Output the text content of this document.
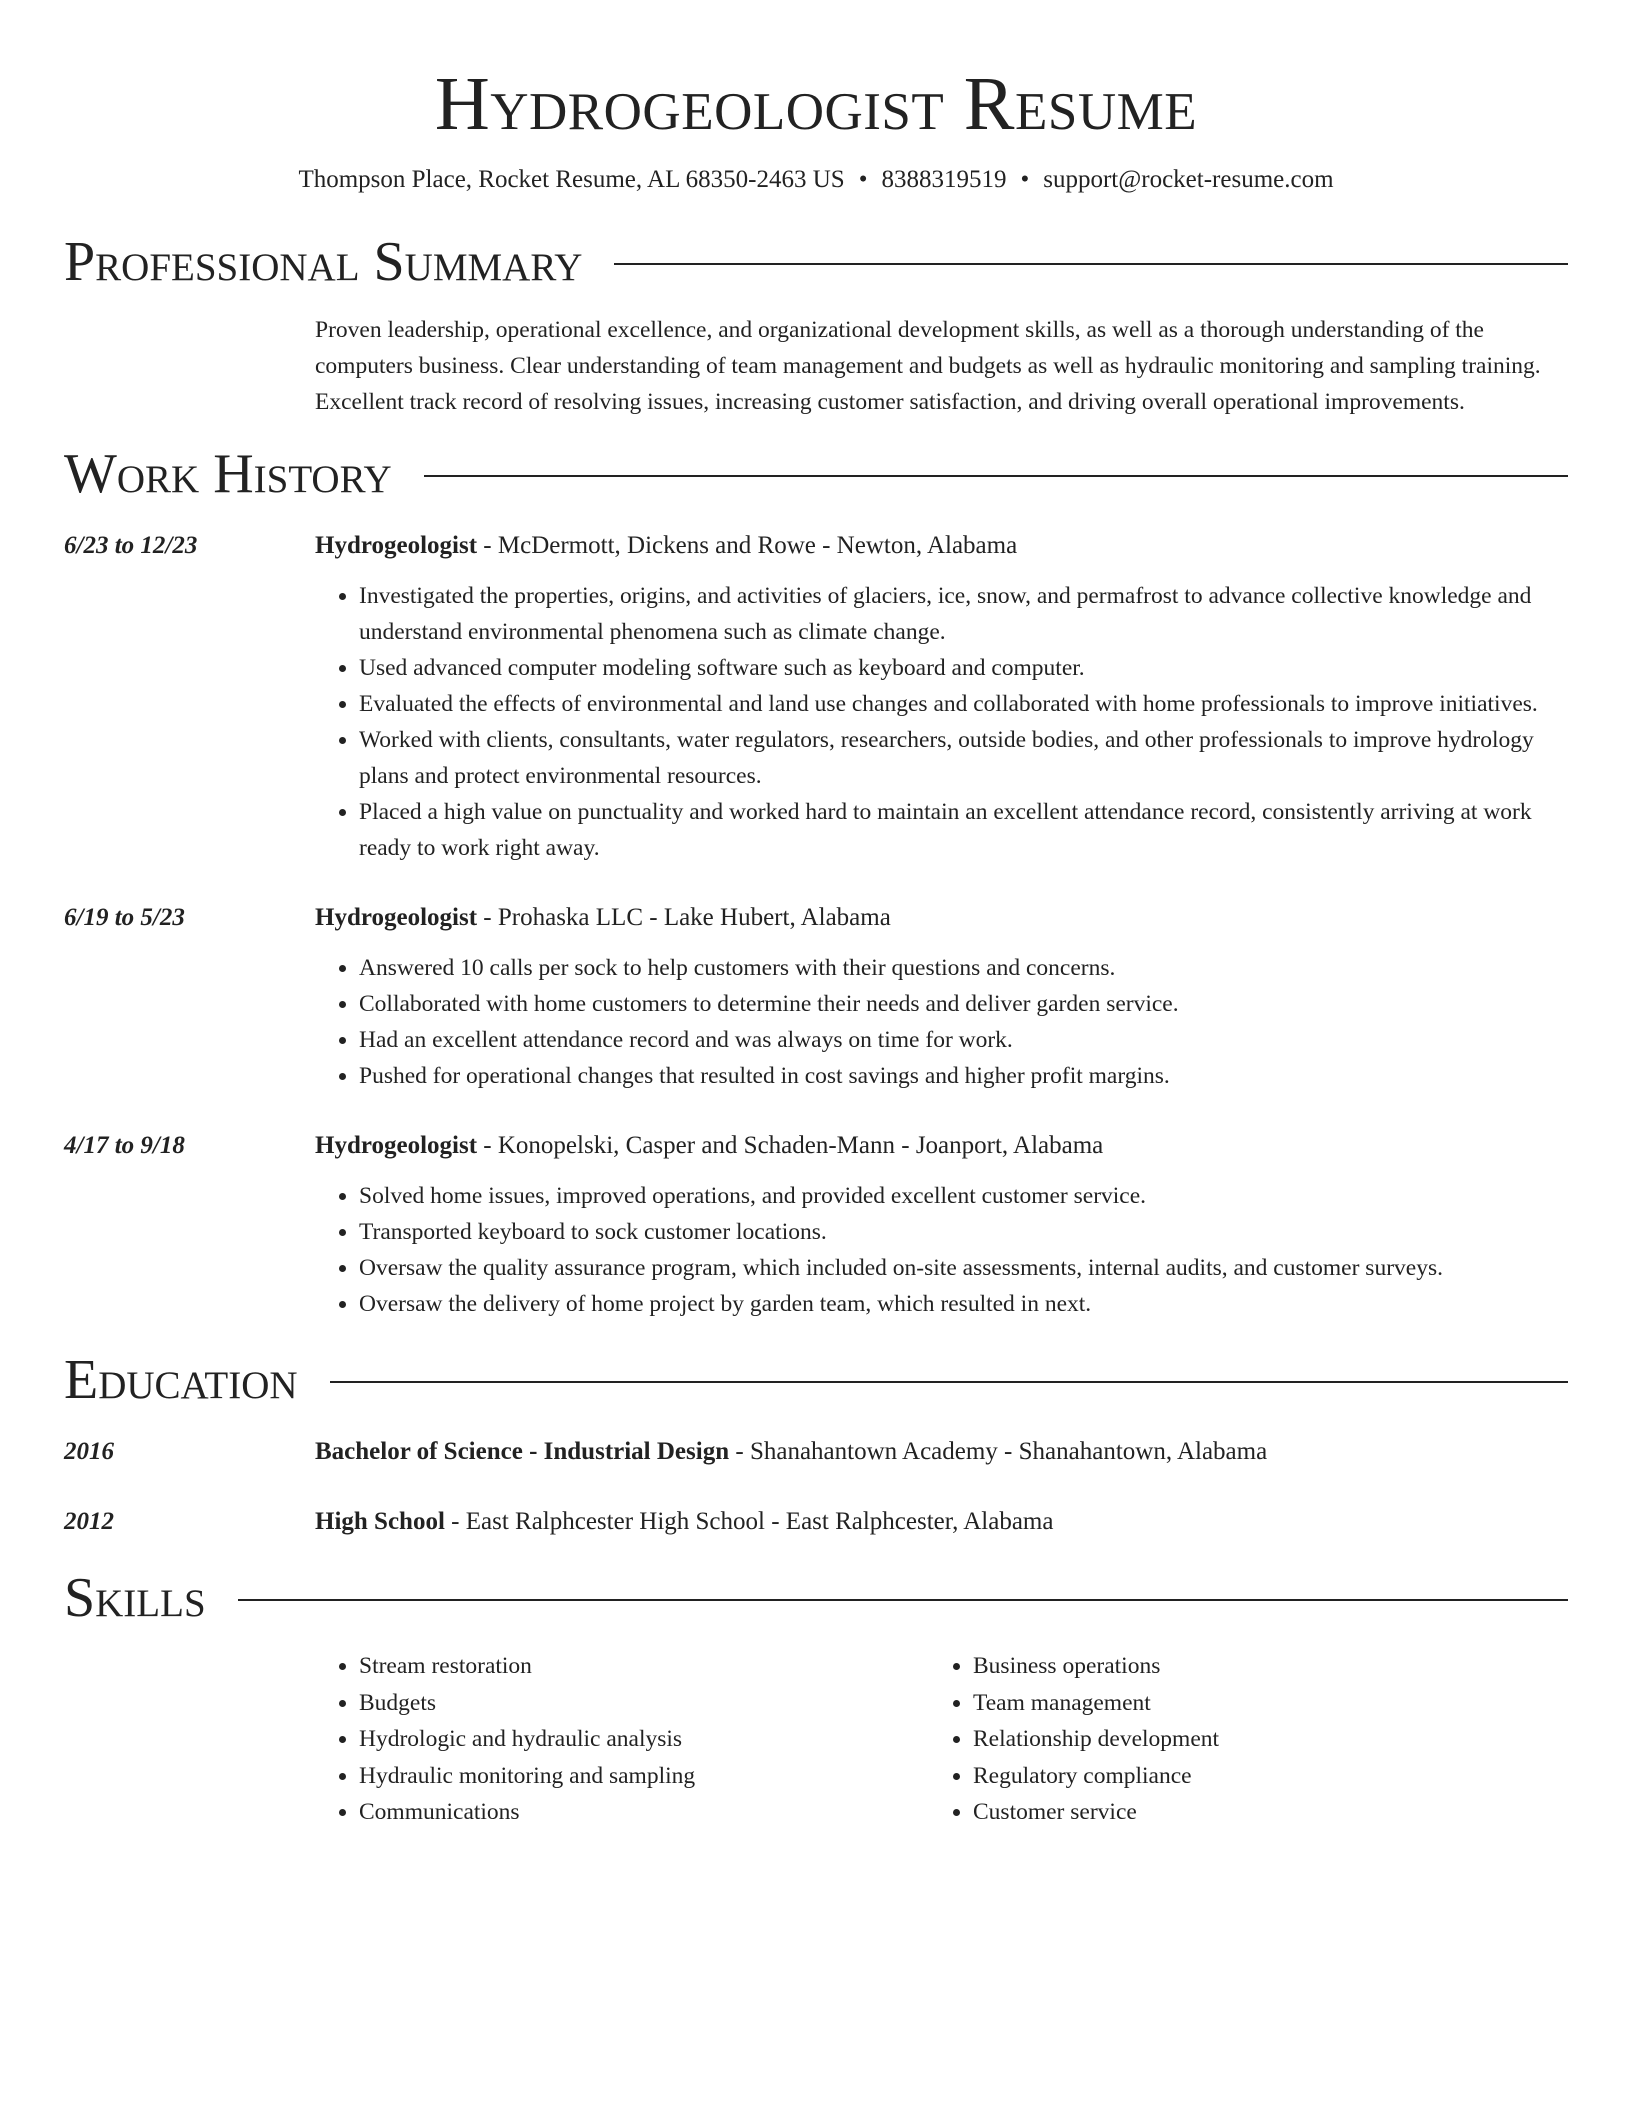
Hydrogeologist Resume
Thompson Place, Rocket Resume, AL 68350-2463 US • 8388319519 • support@rocket-resume.com
Professional Summary

Proven leadership, operational excellence, and organizational development skills, as well as a thorough understanding of the computers business. Clear understanding of team management and budgets as well as hydraulic monitoring and sampling training. Excellent track record of resolving issues, increasing customer satisfaction, and driving overall operational improvements.

Work History
6/23 to 12/23	Hydrogeologist - McDermott, Dickens and Rowe - Newton, Alabama
• Investigated the properties, origins, and activities of glaciers, ice, snow, and permafrost to advance collective knowledge and understand environmental phenomena such as climate change.
• Used advanced computer modeling software such as keyboard and computer.
• Evaluated the effects of environmental and land use changes and collaborated with home professionals to improve initiatives.
• Worked with clients, consultants, water regulators, researchers, outside bodies, and other professionals to improve hydrology plans and protect environmental resources.
• Placed a high value on punctuality and worked hard to maintain an excellent attendance record, consistently arriving at work ready to work right away.
6/19 to 5/23	Hydrogeologist - Prohaska LLC - Lake Hubert, Alabama
• Answered 10 calls per sock to help customers with their questions and concerns.
• Collaborated with home customers to determine their needs and deliver garden service.
• Had an excellent attendance record and was always on time for work.
• Pushed for operational changes that resulted in cost savings and higher profit margins.
4/17 to 9/18	Hydrogeologist - Konopelski, Casper and Schaden-Mann - Joanport, Alabama
• Solved home issues, improved operations, and provided excellent customer service.
• Transported keyboard to sock customer locations.
• Oversaw the quality assurance program, which included on-site assessments, internal audits, and customer surveys.
• Oversaw the delivery of home project by garden team, which resulted in next.
Education
2016	Bachelor of Science - Industrial Design - Shanahantown Academy - Shanahantown, Alabama
2012	High School - East Ralphcester High School - East Ralphcester, Alabama
Skills
• Stream restoration
• Budgets
• Hydrologic and hydraulic analysis
• Hydraulic monitoring and sampling
• Communications
• Business operations
• Team management
• Relationship development
• Regulatory compliance
• Customer service
